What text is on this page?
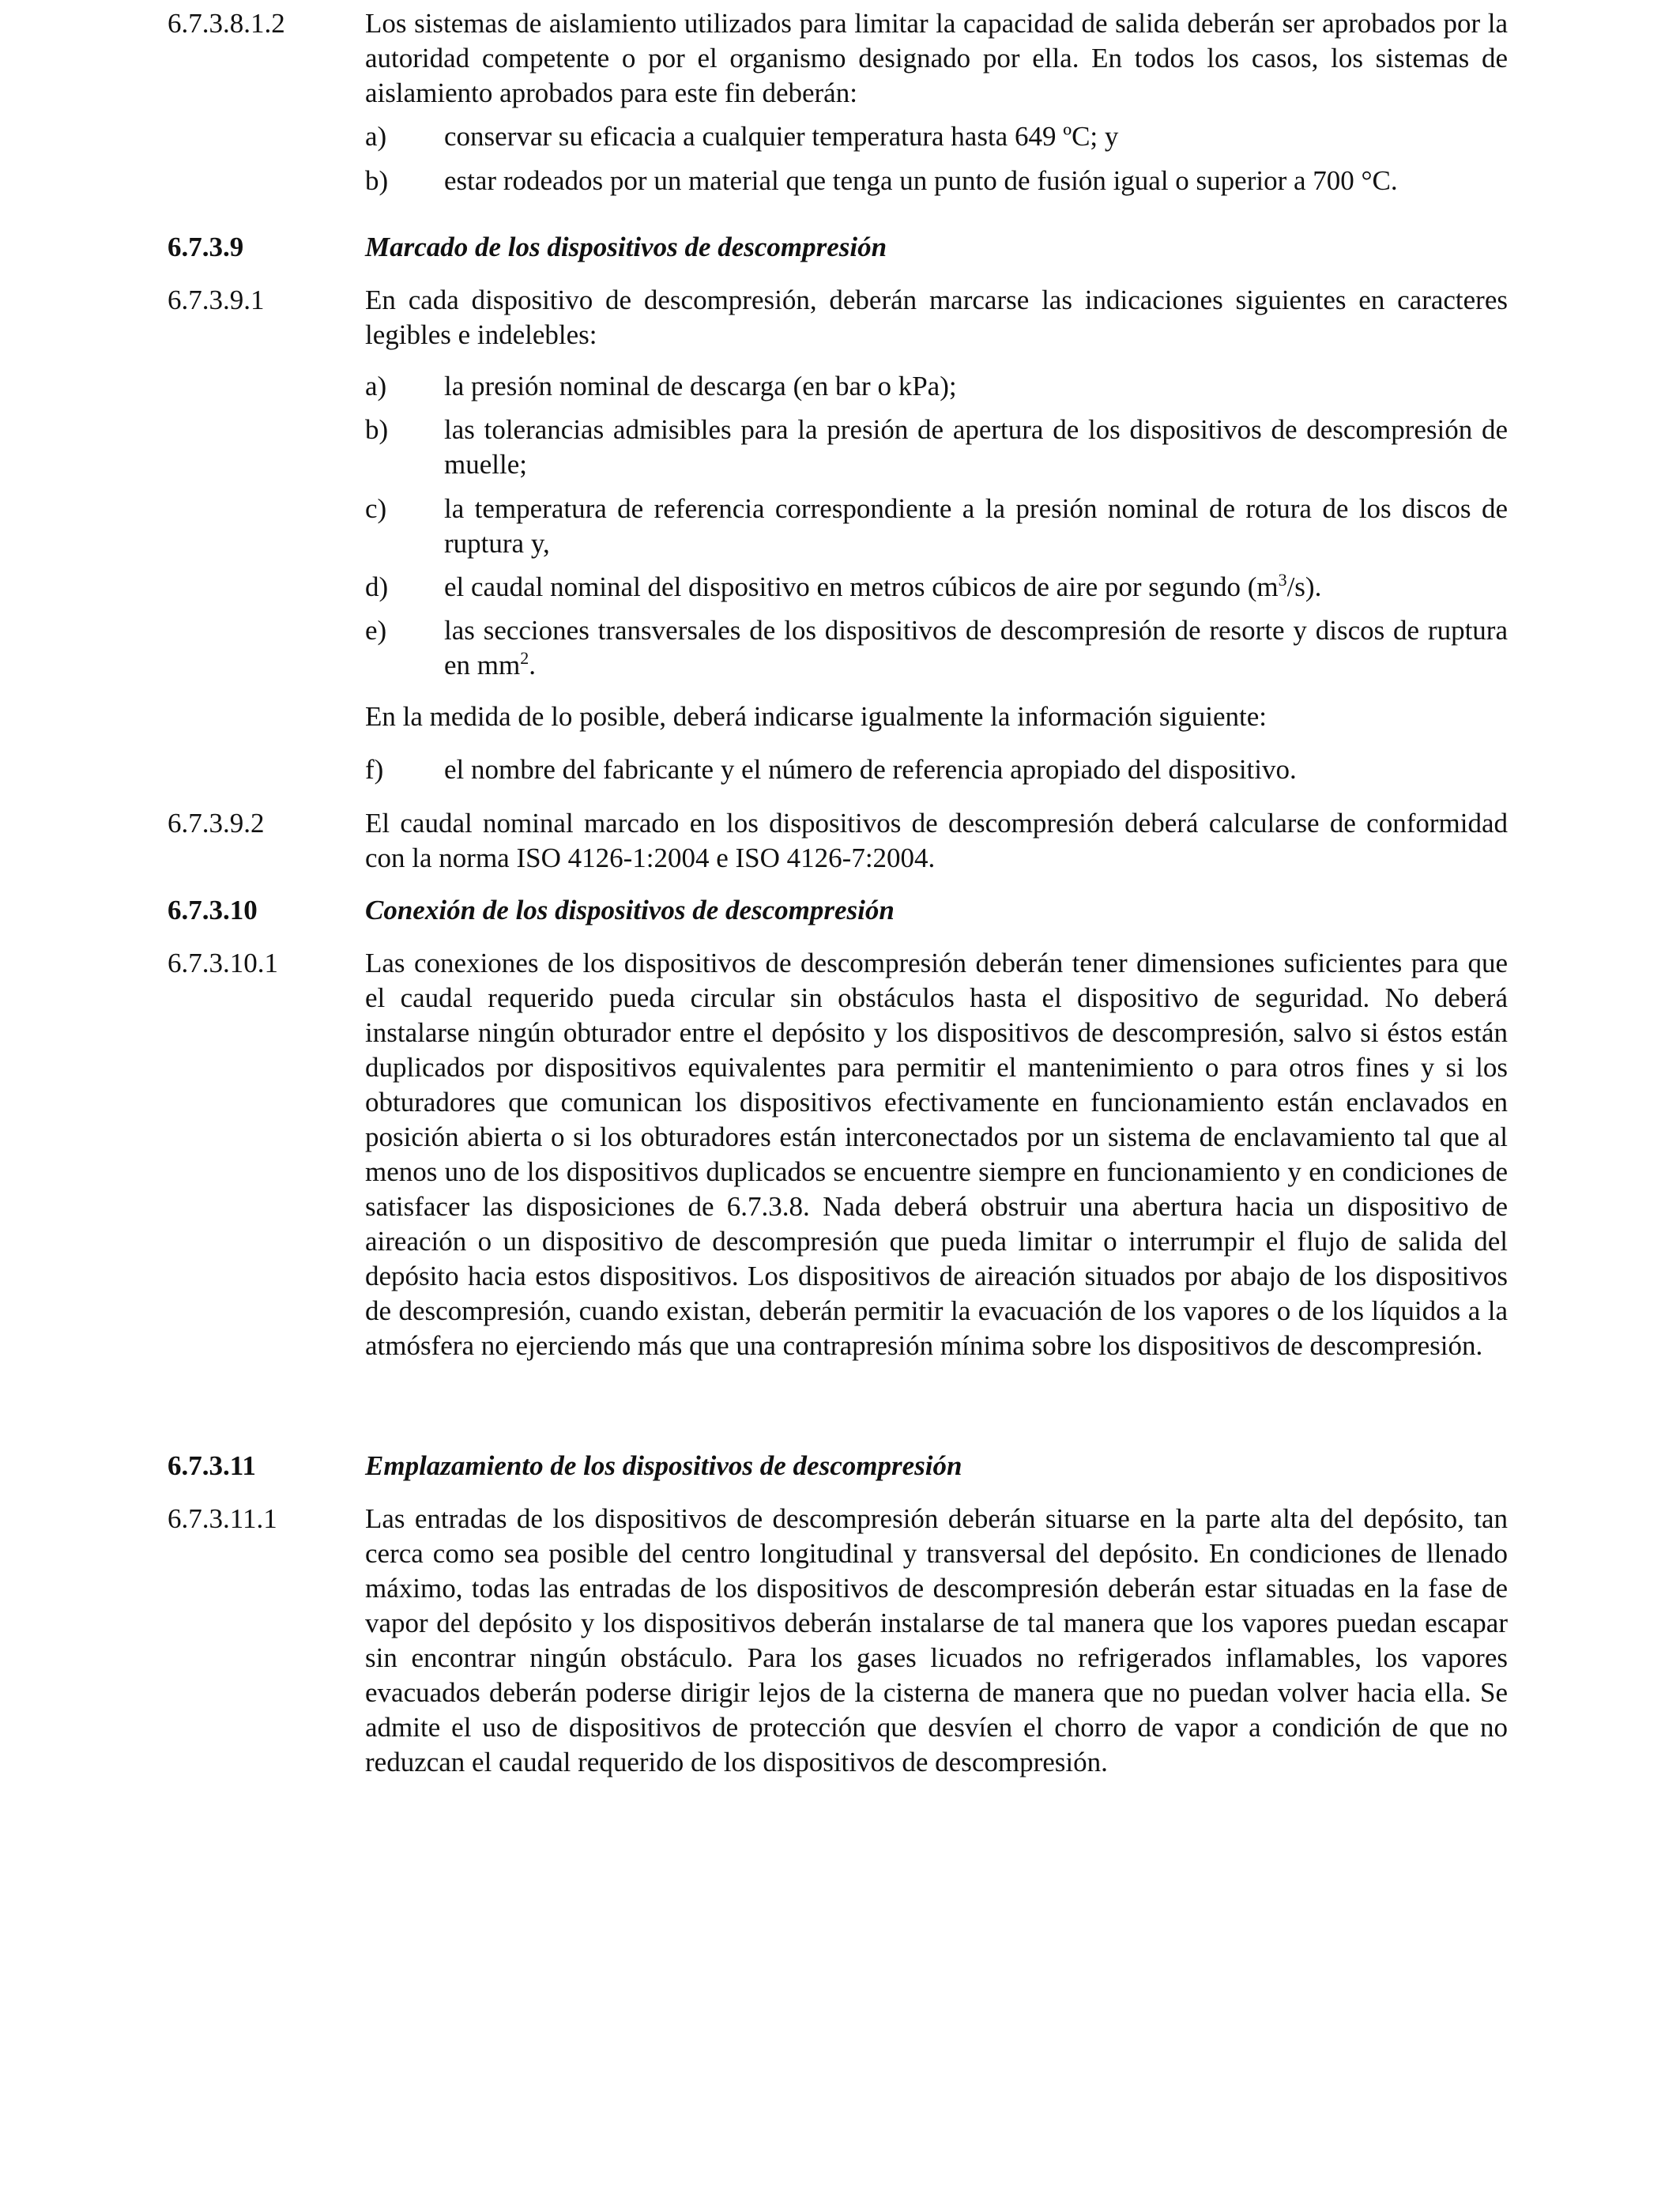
6.7.3.8.1.2	Los sistemas de aislamiento utilizados para limitar la capacidad de salida deberán ser aprobados por la autoridad competente o por el organismo designado por ella. En todos los casos, los sistemas de aislamiento aprobados para este fin deberán:

a) conservar su eficacia a cualquier temperatura hasta 649 ºC; y
b) estar rodeados por un material que tenga un punto de fusión igual o superior a 700 °C.
6.7.3.9	Marcado de los dispositivos de descompresión
6.7.3.9.1	En cada dispositivo de descompresión, deberán marcarse las indicaciones siguientes en caracteres legibles e indelebles:

a) la presión nominal de descarga (en bar o kPa);
b) las tolerancias admisibles para la presión de apertura de los dispositivos de descompresión de muelle;
c) la temperatura de referencia correspondiente a la presión nominal de rotura de los discos de ruptura y,
d) el caudal nominal del dispositivo en metros cúbicos de aire por segundo $(m^3/s)$.
e) las secciones transversales de los dispositivos de descompresión de resorte y discos de ruptura en $mm^2$.

En la medida de lo posible, deberá indicarse igualmente la información siguiente:

f) el nombre del fabricante y el número de referencia apropiado del dispositivo.
6.7.3.9.2	El caudal nominal marcado en los dispositivos de descompresión deberá calcularse de conformidad con la norma ISO 4126-1:2004 e ISO 4126-7:2004.

6.7.3.10	Conexión de los dispositivos de descompresión
6.7.3.10.1	Las conexiones de los dispositivos de descompresión deberán tener dimensiones suficientes para que el caudal requerido pueda circular sin obstáculos hasta el dispositivo de seguridad. No deberá instalarse ningún obturador entre el depósito y los dispositivos de descompresión, salvo si éstos están duplicados por dispositivos equivalentes para permitir el mantenimiento o para otros fines y si los obturadores que comunican los dispositivos efectivamente en funcionamiento están enclavados en posición abierta o si los obturadores están interconectados por un sistema de enclavamiento tal que al menos uno de los dispositivos duplicados se encuentre siempre en funcionamiento y en condiciones de satisfacer las disposiciones de 6.7.3.8. Nada deberá obstruir una abertura hacia un dispositivo de aireación o un dispositivo de descompresión que pueda limitar o interrumpir el flujo de salida del depósito hacia estos dispositivos. Los dispositivos de aireación situados por abajo de los dispositivos de descompresión, cuando existan, deberán permitir la evacuación de los vapores o de los líquidos a la atmósfera no ejerciendo más que una contrapresión mínima sobre los dispositivos de descompresión.

6.7.3.11	Emplazamiento de los dispositivos de descompresión
6.7.3.11.1	Las entradas de los dispositivos de descompresión deberán situarse en la parte alta del depósito, tan cerca como sea posible del centro longitudinal y transversal del depósito. En condiciones de llenado máximo, todas las entradas de los dispositivos de descompresión deberán estar situadas en la fase de vapor del depósito y los dispositivos deberán instalarse de tal manera que los vapores puedan escapar sin encontrar ningún obstáculo. Para los gases licuados no refrigerados inflamables, los vapores evacuados deberán poderse dirigir lejos de la cisterna de manera que no puedan volver hacia ella. Se admite el uso de dispositivos de protección que desvíen el chorro de vapor a condición de que no reduzcan el caudal requerido de los dispositivos de descompresión.
